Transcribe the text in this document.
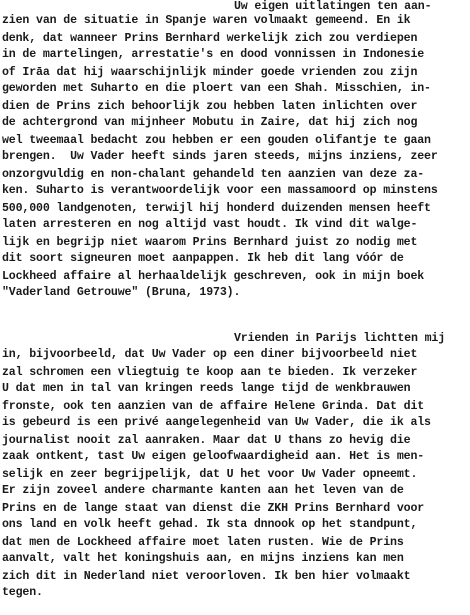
Uw eigen uitlatingen ten aan-
zien van de situatie in Spanje waren volmaakt gemeend. En ik
denk, dat wanneer Prins Bernhard werkelijk zich zou verdiepen
in de martelingen, arrestatie's en dood vonnissen in Indonesie
of Irāa dat hij waarschijnlijk minder goede vrienden zou zijn
geworden met Suharto en die ploert van een Shah. Misschien, in-
dien de Prins zich behoorlijk zou hebben laten inlichten over
de achtergrond van mijnheer Mobutu in Zaire, dat hij zich nog
wel tweemaal bedacht zou hebben er een gouden olifantje te gaan
brengen.  Uw Vader heeft sinds jaren steeds, mijns inziens, zeer
onzorgvuldig en non-chalant gehandeld ten aanzien van deze za-
ken. Suharto is verantwoordelijk voor een massamoord op minstens
500,000 landgenoten, terwijl hij honderd duizenden mensen heeft
laten arresteren en nog altijd vast houdt. Ik vind dit walge-
lijk en begrijp niet waarom Prins Bernhard juist zo nodig met
dit soort signeuren moet aanpappen. Ik heb dit lang vóór de
Lockheed affaire al herhaaldelijk geschreven, ook in mijn boek
"Vaderland Getrouwe" (Bruna, 1973).
Vrienden in Parijs lichtten mij
in, bijvoorbeeld, dat Uw Vader op een diner bijvoorbeeld niet
zal schromen een vliegtuig te koop aan te bieden. Ik verzeker
U dat men in tal van kringen reeds lange tijd de wenkbrauwen
fronste, ook ten aanzien van de affaire Helene Grinda. Dat dit
is gebeurd is een privé aangelegenheid van Uw Vader, die ik als
journalist nooit zal aanraken. Maar dat U thans zo hevig die
zaak ontkent, tast Uw eigen geloofwaardigheid aan. Het is men-
selijk en zeer begrijpelijk, dat U het voor Uw Vader opneemt.
Er zijn zoveel andere charmante kanten aan het leven van de
Prins en de lange staat van dienst die ZKH Prins Bernhard voor
ons land en volk heeft gehad. Ik sta dnnook op het standpunt,
dat men de Lockheed affaire moet laten rusten. Wie de Prins
aanvalt, valt het koningshuis aan, en mijns inziens kan men
zich dit in Nederland niet veroorloven. Ik ben hier volmaakt
tegen.
